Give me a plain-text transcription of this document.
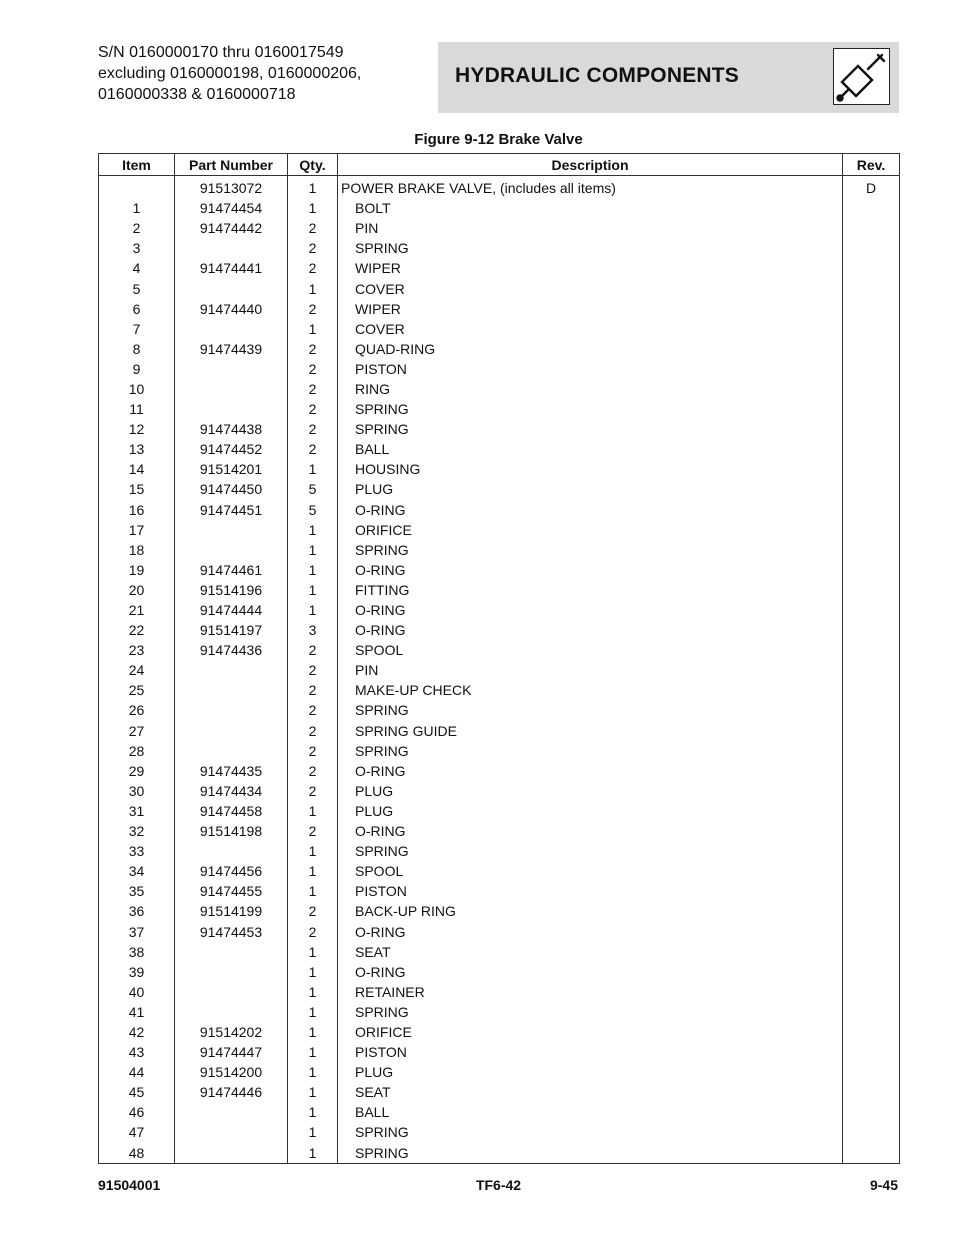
S/N 0160000170 thru 0160017549
excluding 0160000198, 0160000206,
0160000338 & 0160000718
HYDRAULIC COMPONENTS
Figure 9-12 Brake Valve
Item	Part Number	Qty.	Description	Rev.
	91513072	1	POWER BRAKE VALVE, (includes all items)	D
1	91474454	1	BOLT	
2	91474442	2	PIN	
3		2	SPRING	
4	91474441	2	WIPER	
5		1	COVER	
6	91474440	2	WIPER	
7		1	COVER	
8	91474439	2	QUAD-RING	
9		2	PISTON	
10		2	RING	
11		2	SPRING	
12	91474438	2	SPRING	
13	91474452	2	BALL	
14	91514201	1	HOUSING	
15	91474450	5	PLUG	
16	91474451	5	O-RING	
17		1	ORIFICE	
18		1	SPRING	
19	91474461	1	O-RING	
20	91514196	1	FITTING	
21	91474444	1	O-RING	
22	91514197	3	O-RING	
23	91474436	2	SPOOL	
24		2	PIN	
25		2	MAKE-UP CHECK	
26		2	SPRING	
27		2	SPRING GUIDE	
28		2	SPRING	
29	91474435	2	O-RING	
30	91474434	2	PLUG	
31	91474458	1	PLUG	
32	91514198	2	O-RING	
33		1	SPRING	
34	91474456	1	SPOOL	
35	91474455	1	PISTON	
36	91514199	2	BACK-UP RING	
37	91474453	2	O-RING	
38		1	SEAT	
39		1	O-RING	
40		1	RETAINER	
41		1	SPRING	
42	91514202	1	ORIFICE	
43	91474447	1	PISTON	
44	91514200	1	PLUG	
45	91474446	1	SEAT	
46		1	BALL	
47		1	SPRING	
48		1	SPRING	
91504001	TF6-42	9-45
